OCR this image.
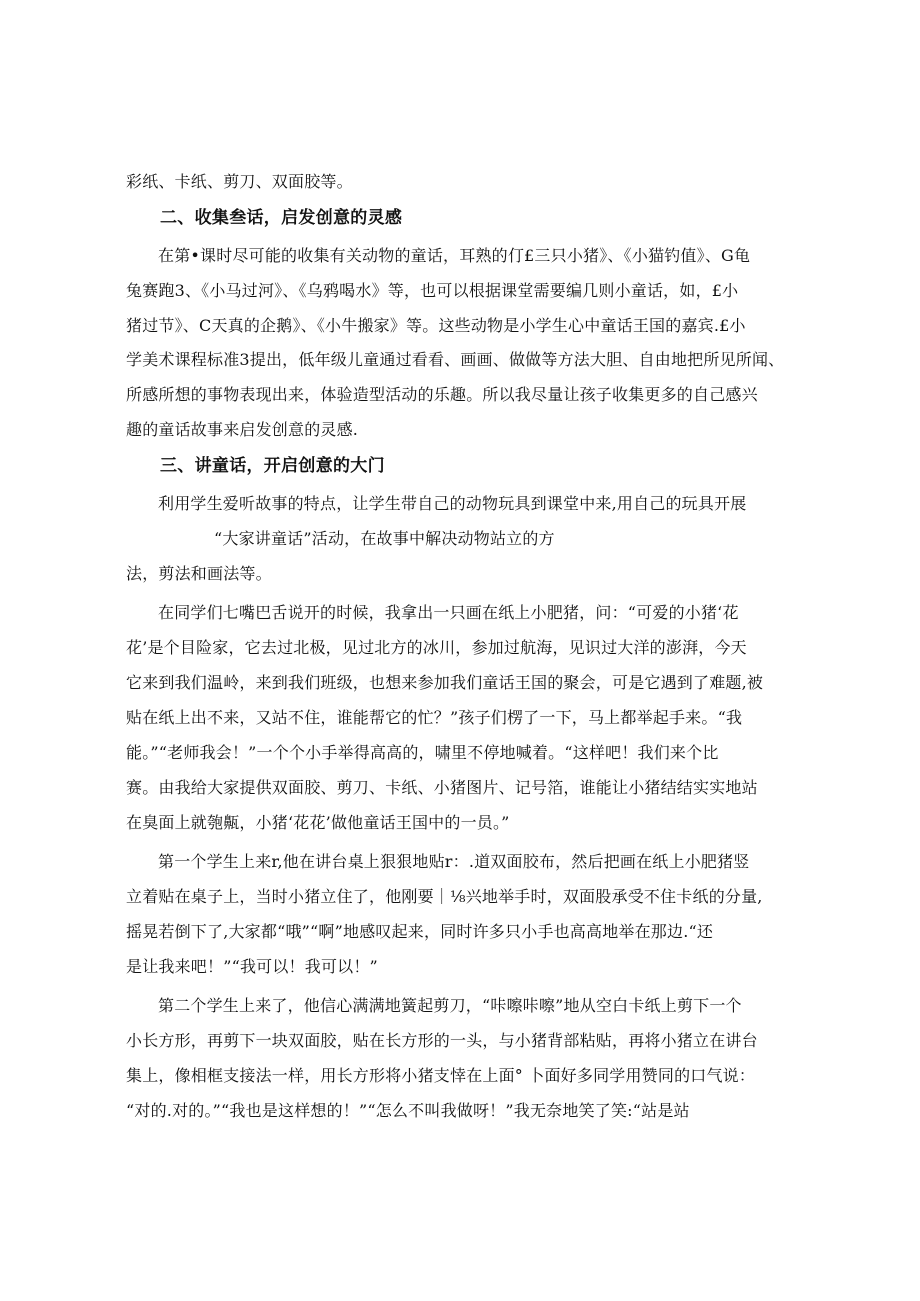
彩纸、卡纸、剪刀、双面胶等。
二、收集叁话，启发创意的灵感
在第•课时尽可能的收集有关动物的童话，耳熟的仃£三只小猪》、《小猫钓值》、G龟
兔赛跑3、《小马过河》、《乌鸦喝水》等，也可以根据课堂需要编几则小童话，如，£小
猪过节》、C天真的企鹅》、《小牛搬家》等。这些动物是小学生心中童话王国的嘉宾.£小
学美术课程标准3提出，低年级儿童通过看看、画画、做做等方法大胆、自由地把所见所闻、
所感所想的事物表现出来，体验造型活动的乐趣。所以我尽量让孩子收集更多的自己感兴
趣的童话故事来启发创意的灵感.
三、讲童话，开启创意的大门
利用学生爱听故事的特点，让学生带自己的动物玩具到课堂中来,用自己的玩具开展
“大家讲童话”活动，在故事中解决动物站立的方
法，剪法和画法等。
在同学们七嘴巴舌说开的时候，我拿出一只画在纸上小肥猪，问：“可爱的小猪‘花
花’是个目险家，它去过北极，见过北方的冰川，参加过航海，见识过大洋的澎湃，今天
它来到我们温岭，来到我们班级，也想来参加我们童话王国的聚会，可是它遇到了难题,被
贴在纸上出不来，又站不住，谁能帮它的忙？”孩子们楞了一下，马上都举起手来。“我
能。”“老师我会！”一个个小手举得高高的，啸里不停地喊着。“这样吧！我们来个比
赛。由我给大家提供双面胶、剪刀、卡纸、小猪图片、记号箔，谁能让小猪结结实实地站
在臭面上就匏齀，小猪‘花花’做他童话王国中的一员。”
第一个学生上来r,他在讲台桌上狠狠地贴r：.道双面胶布，然后把画在纸上小肥猪竖
立着贴在桌子上，当时小猪立住了，他刚要｜⅛兴地举手时，双面股承受不住卡纸的分量,
摇晃若倒下了,大家都“哦”“啊”地感叹起来，同时许多只小手也高高地举在那边.“还
是让我来吧！”“我可以！我可以！”
第二个学生上来了，他信心满满地簧起剪刀，“咔嚓咔嚓”地从空白卡纸上剪下一个
小长方形，再剪下一块双面胶，贴在长方形的一头，与小猪背部粘贴，再将小猪立在讲台
集上，像相框支接法一样，用长方形将小猪支悻在上面° 卜面好多同学用赞同的口气说：
“对的.对的。”“我也是这样想的！”“怎么不叫我做呀！”我无奈地笑了笑:“站是站
